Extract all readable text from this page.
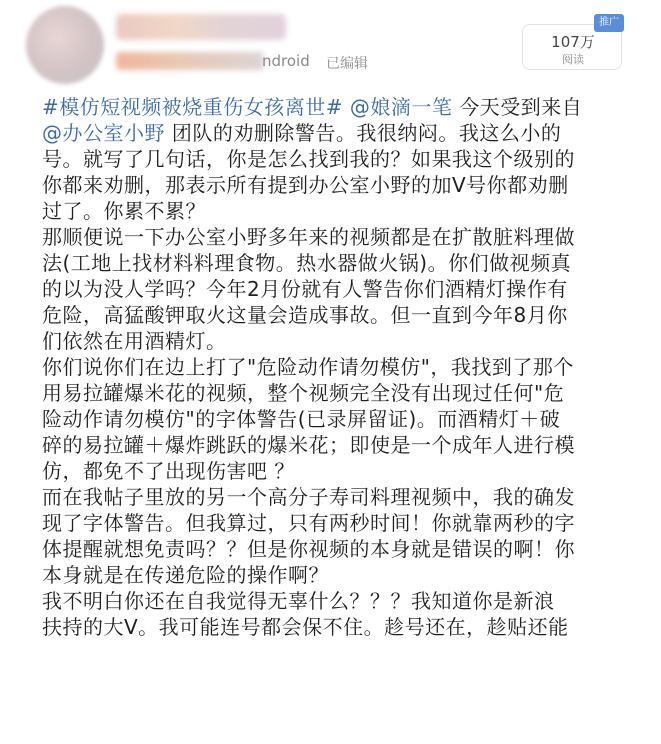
ndroid 已编辑
107万
阅读
推广
#模仿短视频被烧重伤女孩离世# @娘滴一笔 今天受到来自
@办公室小野 团队的劝删除警告。我很纳闷。我这么小的
号。就写了几句话，你是怎么找到我的？如果我这个级别的
你都来劝删，那表示所有提到办公室小野的加V号你都劝删
过了。你累不累？
那顺便说一下办公室小野多年来的视频都是在扩散脏料理做
法(工地上找材料料理食物。热水器做火锅)。你们做视频真
的以为没人学吗？今年2月份就有人警告你们酒精灯操作有
危险，高猛酸钾取火这量会造成事故。但一直到今年8月你
们依然在用酒精灯。
你们说你们在边上打了"危险动作请勿模仿"，我找到了那个
用易拉罐爆米花的视频，整个视频完全没有出现过任何"危
险动作请勿模仿"的字体警告(已录屏留证)。而酒精灯＋破
碎的易拉罐＋爆炸跳跃的爆米花；即使是一个成年人进行模
仿，都免不了出现伤害吧 ？
而在我帖子里放的另一个高分子寿司料理视频中，我的确发
现了字体警告。但我算过，只有两秒时间！你就靠两秒的字
体提醒就想免责吗？？但是你视频的本身就是错误的啊！你
本身就是在传递危险的操作啊？
我不明白你还在自我觉得无辜什么？？？我知道你是新浪
扶持的大V。我可能连号都会保不住。趁号还在，趁贴还能
